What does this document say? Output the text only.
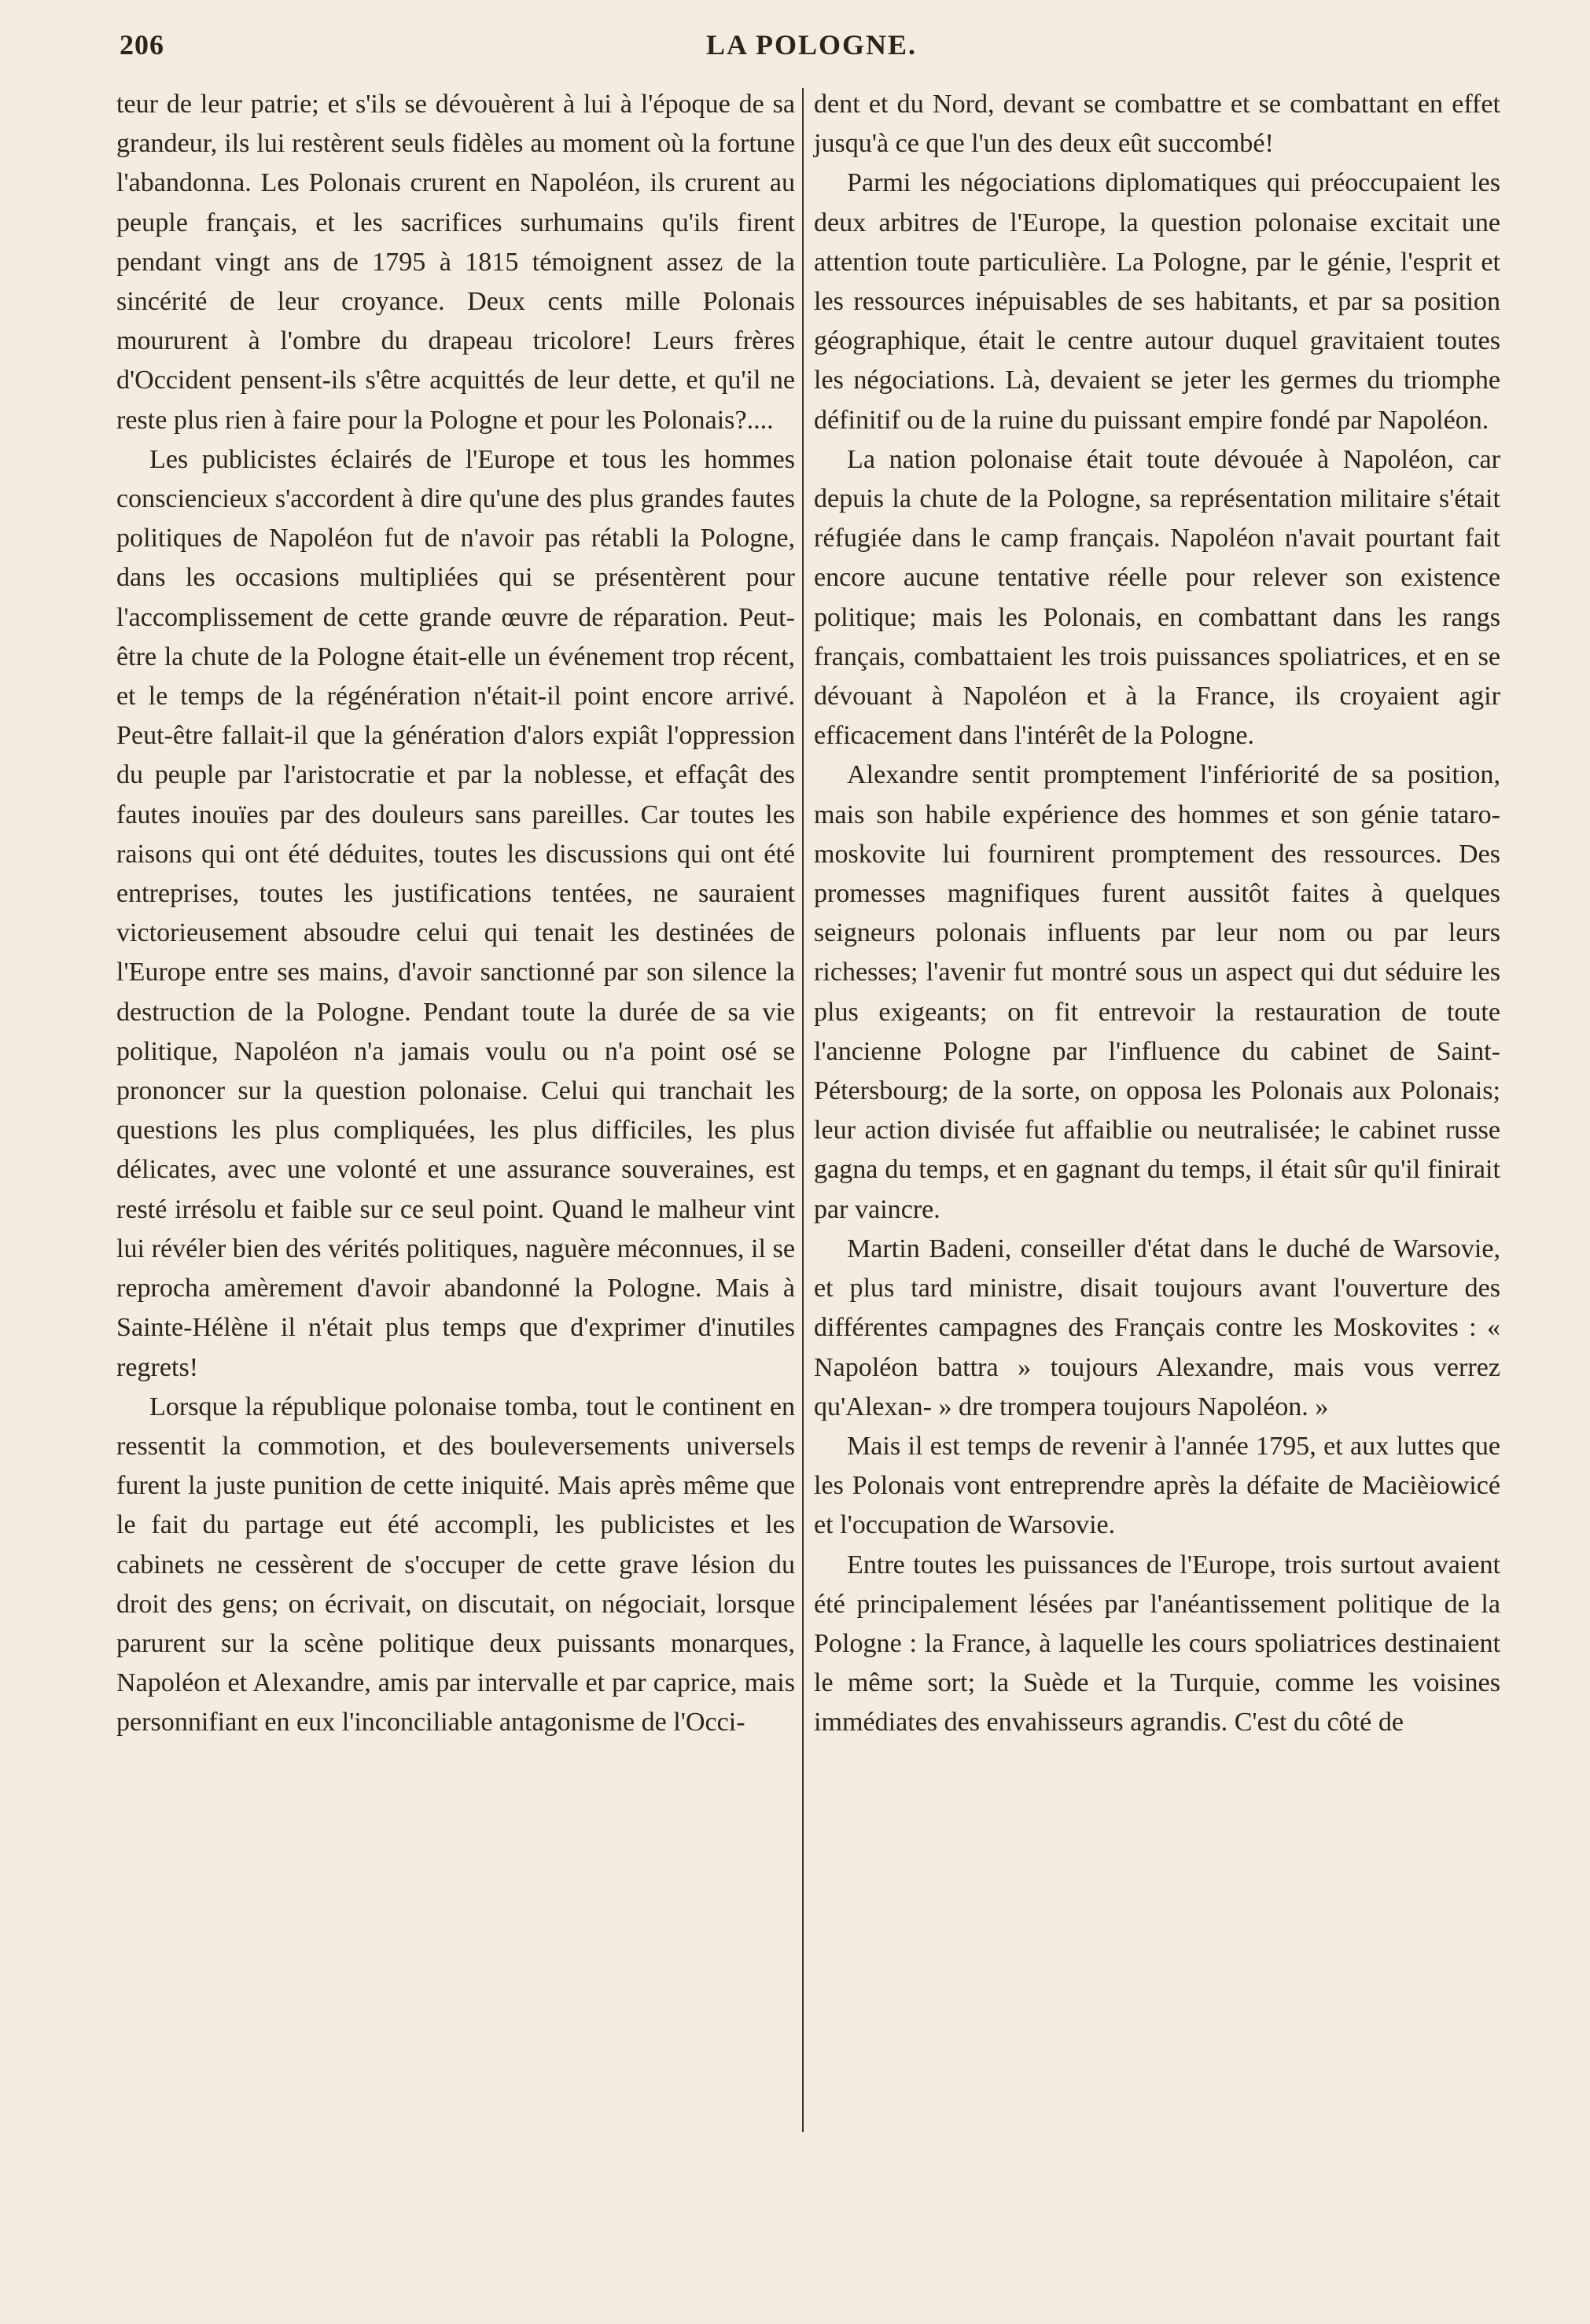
206	LA POLOGNE.

teur de leur patrie; et s'ils se dévouèrent à lui à l'époque de sa grandeur, ils lui restèrent seuls fidèles au moment où la fortune l'abandonna. Les Polonais crurent en Napoléon, ils crurent au peuple français, et les sacrifices surhumains qu'ils firent pendant vingt ans de 1795 à 1815 témoignent assez de la sincérité de leur croyance. Deux cents mille Polonais moururent à l'ombre du drapeau tricolore! Leurs frères d'Occident pensent-ils s'être acquittés de leur dette, et qu'il ne reste plus rien à faire pour la Pologne et pour les Polonais?....

Les publicistes éclairés de l'Europe et tous les hommes consciencieux s'accordent à dire qu'une des plus grandes fautes politiques de Napoléon fut de n'avoir pas rétabli la Pologne, dans les occasions multipliées qui se présentèrent pour l'accomplissement de cette grande œuvre de réparation. Peut-être la chute de la Pologne était-elle un événement trop récent, et le temps de la régénération n'était-il point encore arrivé. Peut-être fallait-il que la génération d'alors expiât l'oppression du peuple par l'aristocratie et par la noblesse, et effaçât des fautes inouïes par des douleurs sans pareilles. Car toutes les raisons qui ont été déduites, toutes les discussions qui ont été entreprises, toutes les justifications tentées, ne sauraient victorieusement absoudre celui qui tenait les destinées de l'Europe entre ses mains, d'avoir sanctionné par son silence la destruction de la Pologne. Pendant toute la durée de sa vie politique, Napoléon n'a jamais voulu ou n'a point osé se prononcer sur la question polonaise. Celui qui tranchait les questions les plus compliquées, les plus difficiles, les plus délicates, avec une volonté et une assurance souveraines, est resté irrésolu et faible sur ce seul point. Quand le malheur vint lui révéler bien des vérités politiques, naguère méconnues, il se reprocha amèrement d'avoir abandonné la Pologne. Mais à Sainte-Hélène il n'était plus temps que d'exprimer d'inutiles regrets!

Lorsque la république polonaise tomba, tout le continent en ressentit la commotion, et des bouleversements universels furent la juste punition de cette iniquité. Mais après même que le fait du partage eut été accompli, les publicistes et les cabinets ne cessèrent de s'occuper de cette grave lésion du droit des gens; on écrivait, on discutait, on négociait, lorsque parurent sur la scène politique deux puissants monarques, Napoléon et Alexandre, amis par intervalle et par caprice, mais personnifiant en eux l'inconciliable antagonisme de l'Occi-

dent et du Nord, devant se combattre et se combattant en effet jusqu'à ce que l'un des deux eût succombé!

Parmi les négociations diplomatiques qui préoccupaient les deux arbitres de l'Europe, la question polonaise excitait une attention toute particulière. La Pologne, par le génie, l'esprit et les ressources inépuisables de ses habitants, et par sa position géographique, était le centre autour duquel gravitaient toutes les négociations. Là, devaient se jeter les germes du triomphe définitif ou de la ruine du puissant empire fondé par Napoléon.

La nation polonaise était toute dévouée à Napoléon, car depuis la chute de la Pologne, sa représentation militaire s'était réfugiée dans le camp français. Napoléon n'avait pourtant fait encore aucune tentative réelle pour relever son existence politique; mais les Polonais, en combattant dans les rangs français, combattaient les trois puissances spoliatrices, et en se dévouant à Napoléon et à la France, ils croyaient agir efficacement dans l'intérêt de la Pologne.

Alexandre sentit promptement l'infériorité de sa position, mais son habile expérience des hommes et son génie tataro-moskovite lui fournirent promptement des ressources. Des promesses magnifiques furent aussitôt faites à quelques seigneurs polonais influents par leur nom ou par leurs richesses; l'avenir fut montré sous un aspect qui dut séduire les plus exigeants; on fit entrevoir la restauration de toute l'ancienne Pologne par l'influence du cabinet de Saint-Pétersbourg; de la sorte, on opposa les Polonais aux Polonais; leur action divisée fut affaiblie ou neutralisée; le cabinet russe gagna du temps, et en gagnant du temps, il était sûr qu'il finirait par vaincre.

Martin Badeni, conseiller d'état dans le duché de Warsovie, et plus tard ministre, disait toujours avant l'ouverture des différentes campagnes des Français contre les Moskovites : « Napoléon battra » toujours Alexandre, mais vous verrez qu'Alexan- » dre trompera toujours Napoléon. »

Mais il est temps de revenir à l'année 1795, et aux luttes que les Polonais vont entreprendre après la défaite de Macièiowicé et l'occupation de Warsovie.

Entre toutes les puissances de l'Europe, trois surtout avaient été principalement lésées par l'anéantissement politique de la Pologne : la France, à laquelle les cours spoliatrices destinaient le même sort; la Suède et la Turquie, comme les voisines immédiates des envahisseurs agrandis. C'est du côté de
